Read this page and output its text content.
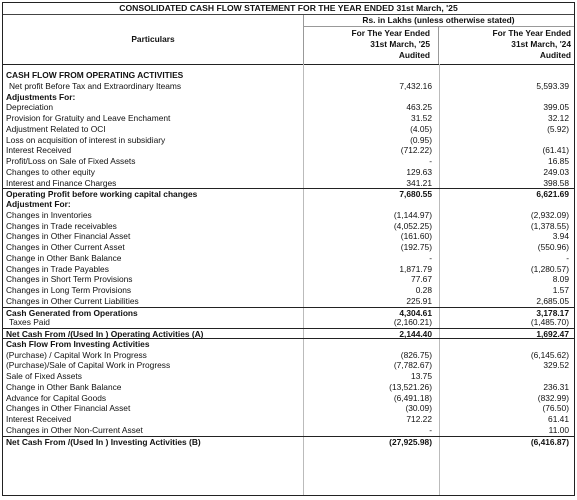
CONSOLIDATED CASH FLOW STATEMENT FOR THE YEAR ENDED 31st March, '25
Particulars
Rs. in Lakhs (unless otherwise stated)
For The Year Ended
31st March, '25
Audited
For The Year Ended
31st March, '24
Audited
CASH FLOW FROM OPERATING ACTIVITIES
Net profit Before Tax and Extraordinary Iteams	7,432.16	5,593.39
Adjustments For:
Depreciation	463.25	399.05
Provision for Gratuity and Leave Enchament	31.52	32.12
Adjustment Related to OCI	(4.05)	(5.92)
Loss on acquisition of interest in subsidiary	(0.95)
Interest Received	(712.22)	(61.41)
Profit/Loss on Sale of Fixed Assets	-	16.85
Changes to other equity	129.63	249.03
Interest and Finance Charges	341.21	398.58
Operating Profit before working capital changes	7,680.55	6,621.69
Adjustment For:
Changes in Inventories	(1,144.97)	(2,932.09)
Changes in Trade receivables	(4,052.25)	(1,378.55)
Changes in Other Financial Asset	(161.60)	3.94
Changes in Other Current Asset	(192.75)	(550.96)
Change in Other Bank Balance	-	-
Changes in Trade Payables	1,871.79	(1,280.57)
Changes in Short Term Provisions	77.67	8.09
Changes in Long Term Provisions	0.28	1.57
Changes in Other Current Liabilities	225.91	2,685.05
Cash Generated from Operations	4,304.61	3,178.17
Taxes Paid	(2,160.21)	(1,485.70)
Net Cash From /(Used In ) Operating Activities (A)	2,144.40	1,692.47
Cash Flow From Investing Activities
(Purchase) / Capital Work In Progress	(826.75)	(6,145.62)
(Purchase)/Sale of Capital Work in Progress	(7,782.67)	329.52
Sale of Fixed Assets	13.75
Change in Other Bank Balance	(13,521.26)	236.31
Advance for Capital Goods	(6,491.18)	(832.99)
Changes in Other Financial Asset	(30.09)	(76.50)
Interest Received	712.22	61.41
Changes in Other Non-Current Asset	-	11.00
Net Cash From /(Used In ) Investing Activities (B)	(27,925.98)	(6,416.87)
